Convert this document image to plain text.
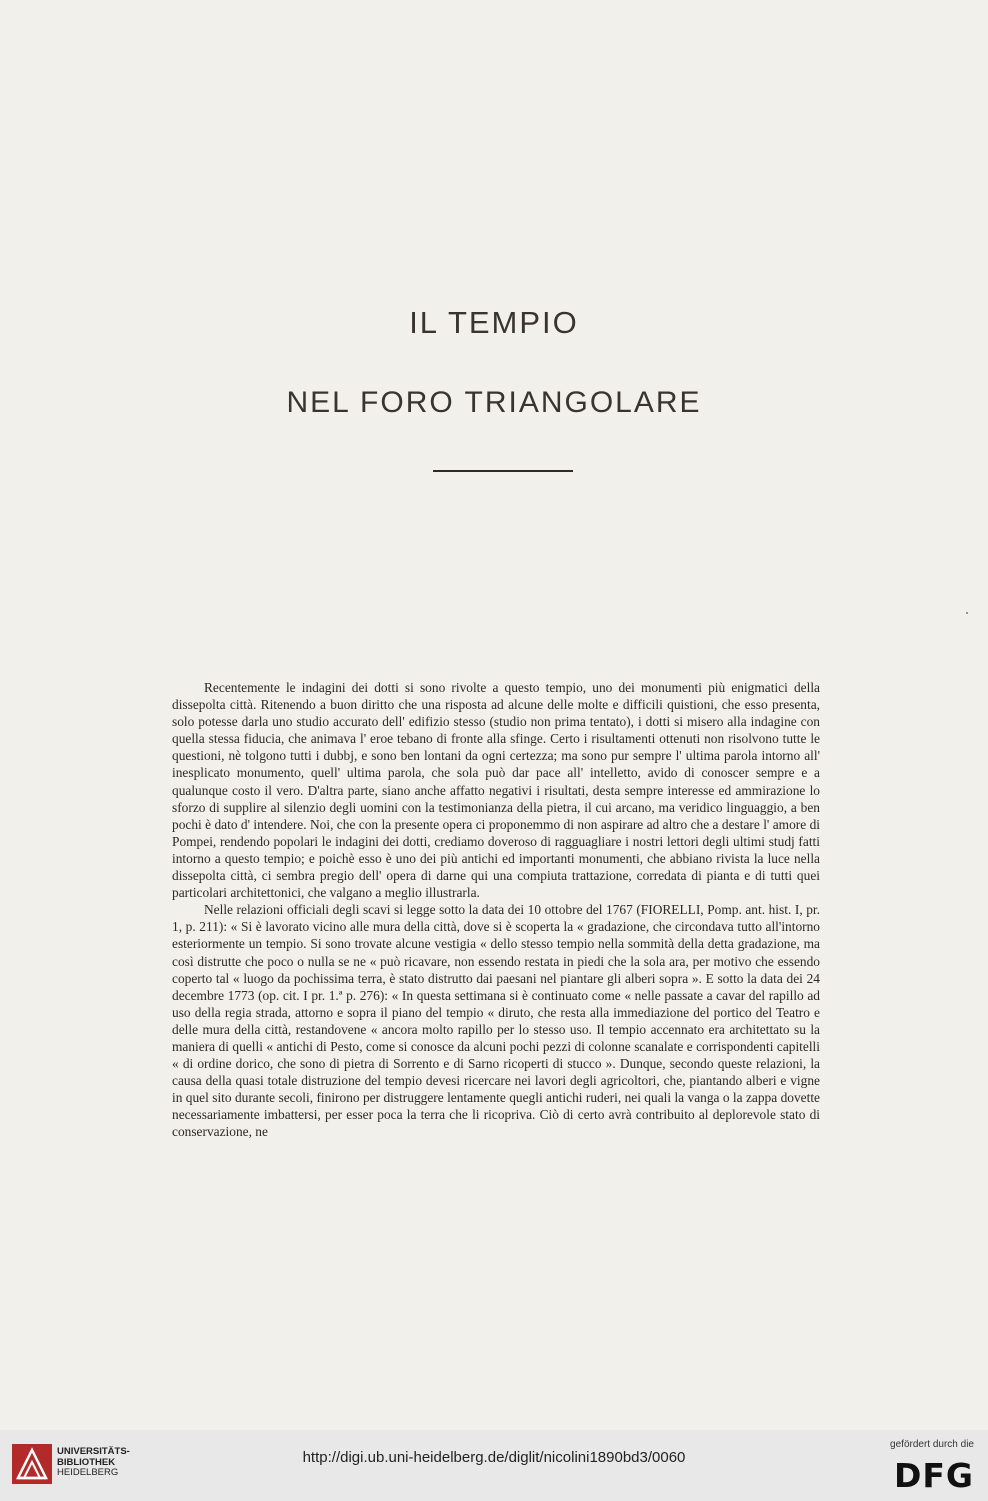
IL TEMPIO
NEL FORO TRIANGOLARE

Recentemente le indagini dei dotti si sono rivolte a questo tempio, uno dei monumenti più enigmatici della dissepolta città. Ritenendo a buon diritto che una risposta ad alcune delle molte e difficili quistioni, che esso presenta, solo potesse darla uno studio accurato dell' edifizio stesso (studio non prima tentato), i dotti si misero alla indagine con quella stessa fiducia, che animava l' eroe tebano di fronte alla sfinge. Certo i risultamenti ottenuti non risolvono tutte le questioni, nè tolgono tutti i dubbj, e sono ben lontani da ogni certezza; ma sono pur sempre l' ultima parola intorno all' inesplicato monumento, quell' ultima parola, che sola può dar pace all' intelletto, avido di conoscer sempre e a qualunque costo il vero. D'altra parte, siano anche affatto negativi i risultati, desta sempre interesse ed ammirazione lo sforzo di supplire al silenzio degli uomini con la testimonianza della pietra, il cui arcano, ma veridico linguaggio, a ben pochi è dato d' intendere. Noi, che con la presente opera ci proponemmo di non aspirare ad altro che a destare l' amore di Pompei, rendendo popolari le indagini dei dotti, crediamo doveroso di ragguagliare i nostri lettori degli ultimi studj fatti intorno a questo tempio; e poichè esso è uno dei più antichi ed importanti monumenti, che abbiano rivista la luce nella dissepolta città, ci sembra pregio dell' opera di darne qui una compiuta trattazione, corredata di pianta e di tutti quei particolari architettonici, che valgano a meglio illustrarla.

Nelle relazioni officiali degli scavi si legge sotto la data dei 10 ottobre del 1767 (FIORELLI, Pomp. ant. hist. I, pr. 1, p. 211): « Si è lavorato vicino alle mura della città, dove si è scoperta la « gradazione, che circondava tutto all'intorno esteriormente un tempio. Si sono trovate alcune vestigia « dello stesso tempio nella sommità della detta gradazione, ma così distrutte che poco o nulla se ne « può ricavare, non essendo restata in piedi che la sola ara, per motivo che essendo coperto tal « luogo da pochissima terra, è stato distrutto dai paesani nel piantare gli alberi sopra ». E sotto la data dei 24 decembre 1773 (op. cit. I pr. 1.ª p. 276): « In questa settimana si è continuato come « nelle passate a cavar del rapillo ad uso della regia strada, attorno e sopra il piano del tempio « diruto, che resta alla immediazione del portico del Teatro e delle mura della città, restandovene « ancora molto rapillo per lo stesso uso. Il tempio accennato era architettato su la maniera di quelli « antichi di Pesto, come si conosce da alcuni pochi pezzi di colonne scanalate e corrispondenti capitelli « di ordine dorico, che sono di pietra di Sorrento e di Sarno ricoperti di stucco ». Dunque, secondo queste relazioni, la causa della quasi totale distruzione del tempio devesi ricercare nei lavori degli agricoltori, che, piantando alberi e vigne in quel sito durante secoli, finirono per distruggere lentamente quegli antichi ruderi, nei quali la vanga o la zappa dovette necessariamente imbattersi, per esser poca la terra che li ricopriva. Ciò di certo avrà contribuito al deplorevole stato di conservazione, ne

UNIVERSITÄTS-
BIBLIOTHEK
HEIDELBERG
http://digi.ub.uni-heidelberg.de/diglit/nicolini1890bd3/0060
gefördert durch die
DFG
